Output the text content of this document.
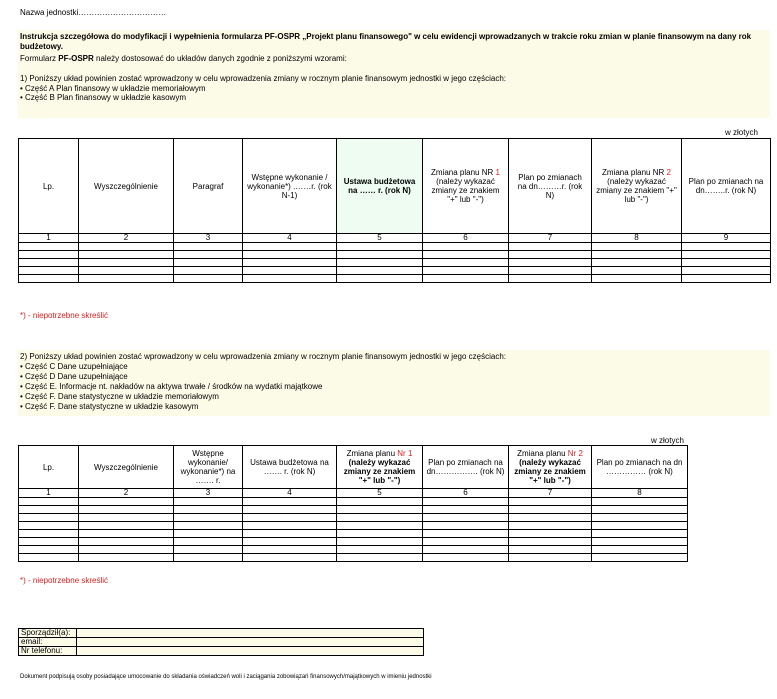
Nazwa jednostki……………………………
Instrukcja szczegółowa do modyfikacji i wypełnienia formularza PF-OSPR „Projekt planu finansowego" w celu ewidencji wprowadzanych w trakcie roku zmian w planie finansowym na dany rok budżetowy.
Formularz PF-OSPR należy dostosować do układów danych zgodnie z poniższymi wzorami:
1) Poniższy układ powinien zostać wprowadzony w celu wprowadzenia zmiany w rocznym planie finansowym jednostki w jego częściach:
• Część A Plan finansowy w układzie memoriałowym
• Część B Plan finansowy w układzie kasowym
w złotych
Lp.	Wyszczególnienie	Paragraf	Wstępne wykonanie / wykonanie*) .……r. (rok N-1)	Ustawa budżetowa na …… r. (rok N)	Zmiana planu NR 1 (należy wykazać zmiany ze znakiem "+" lub "-")	Plan po zmianach na dn………r. (rok N)	Zmiana planu NR 2 (należy wykazać zmiany ze znakiem "+" lub "-")	Plan po zmianach na dn……..r. (rok N)
1	2	3	4	5	6	7	8	9

*) - niepotrzebne skreślić
2) Poniższy układ powinien zostać wprowadzony w celu wprowadzenia zmiany w rocznym planie finansowym jednostki w jego częściach:
• Część C Dane uzupełniające
• Część D Dane uzupełniające
• Część E. Informacje nt. nakładów na aktywa trwałe / środków na wydatki majątkowe
• Część F. Dane statystyczne w układzie memoriałowym
• Część F. Dane statystyczne w układzie kasowym
w złotych
Lp.	Wyszczególnienie	Wstępne wykonanie/ wykonanie*) na ……. r.	Ustawa budżetowa na ……. r. (rok N)	Zmiana planu Nr 1 (należy wykazać zmiany ze znakiem "+" lub "-")	Plan po zmianach na dn……………. (rok N)	Zmiana planu Nr 2 (należy wykazać zmiany ze znakiem "+" lub "-")	Plan po zmianach na dn …………… (rok N)
1	2	3	4	5	6	7	8

*) - niepotrzebne skreślić
Sporządził(a):	
email:	
Nr telefonu:	
Dokument podpisują osoby posiadające umocowanie do składania oświadczeń woli i zaciągania zobowiązań finansowych/majątkowych w imieniu jednostki
